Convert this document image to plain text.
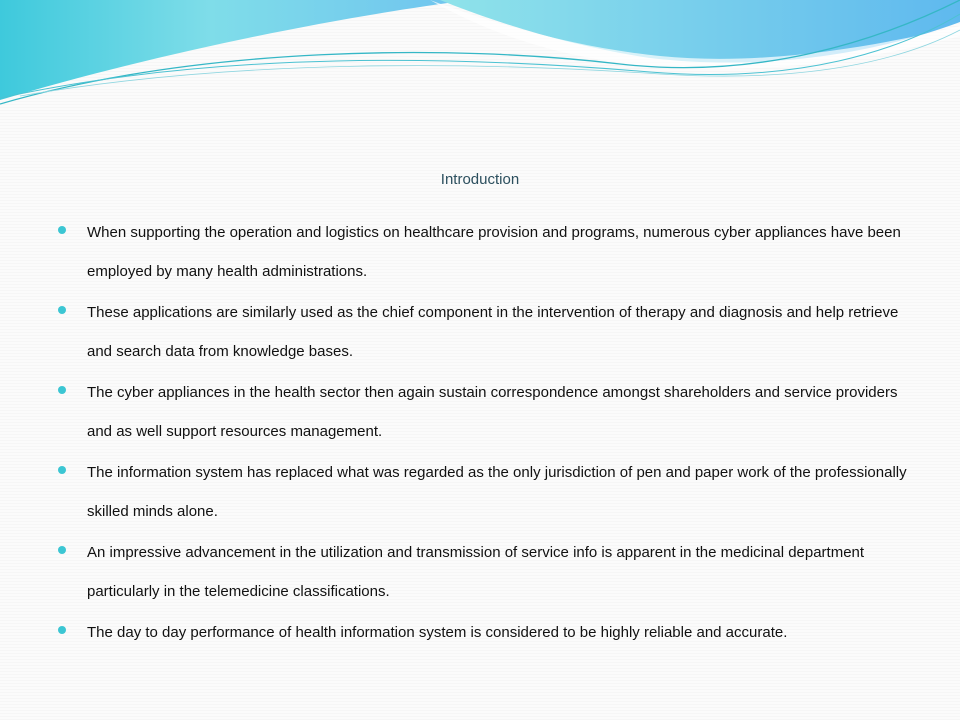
Introduction
When supporting the operation and logistics on healthcare provision and programs, numerous cyber appliances have been employed by many health administrations.
These applications are similarly used as the chief component in the intervention of therapy and diagnosis and help retrieve and search data from knowledge bases.
The cyber appliances in the health sector then again sustain correspondence amongst shareholders and service providers and as well support resources management.
The information system has replaced what was regarded as the only jurisdiction of pen and paper work of the professionally skilled minds alone.
An impressive advancement in the utilization and transmission of service info is apparent in the medicinal department  particularly in the telemedicine classifications.
The day to day performance of health information system is considered to be highly reliable and accurate.
